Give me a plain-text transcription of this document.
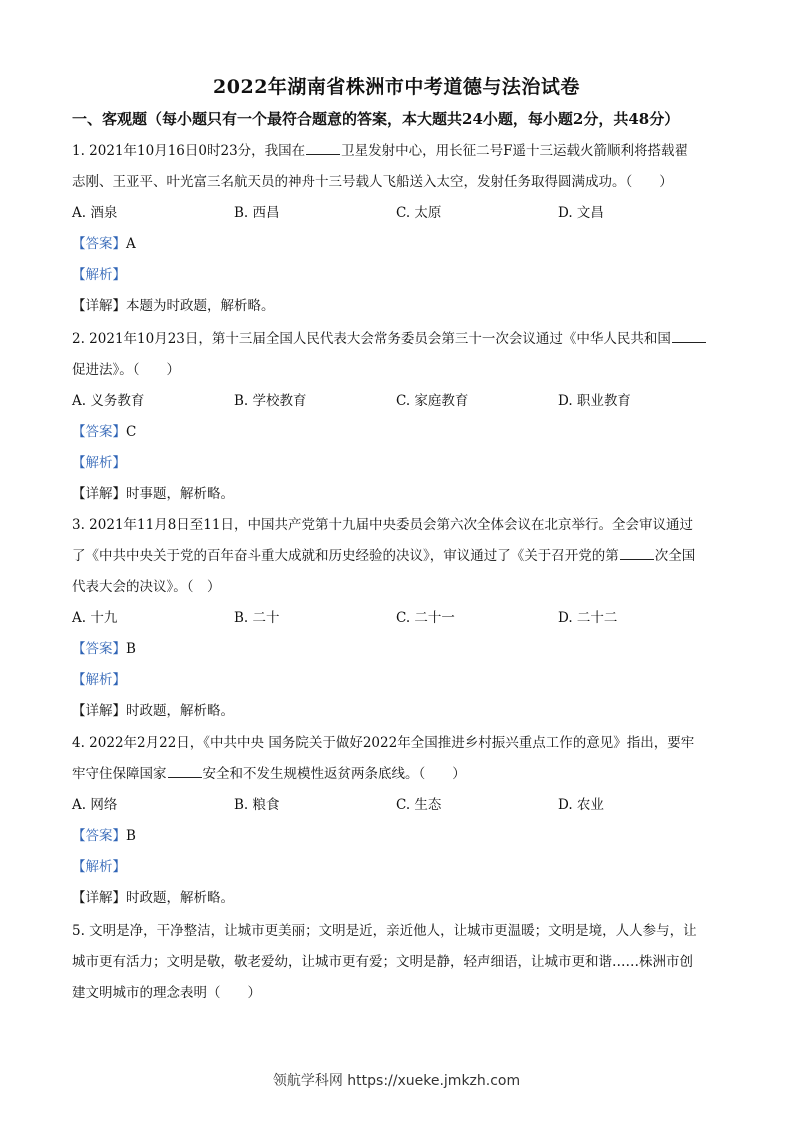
2022年湖南省株洲市中考道德与法治试卷
一、客观题（每小题只有一个最符合题意的答案，本大题共24小题，每小题2分，共48分）
1. 2021年10月16日0时23分，我国在	卫星发射中心，用长征二号F遥十三运载火箭顺利将搭载翟
志刚、王亚平、叶光富三名航天员的神舟十三号载人飞船送入太空，发射任务取得圆满成功。（　　）
A. 酒泉	B. 西昌	C. 太原	D. 文昌
【答案】A
【解析】
【详解】本题为时政题，解析略。
2. 2021年10月23日，第十三届全国人民代表大会常务委员会第三十一次会议通过《中华人民共和国
促进法》。（　　）
A. 义务教育	B. 学校教育	C. 家庭教育	D. 职业教育
【答案】C
【解析】
【详解】时事题，解析略。
3. 2021年11月8日至11日，中国共产党第十九届中央委员会第六次全体会议在北京举行。全会审议通过
了《中共中央关于党的百年奋斗重大成就和历史经验的决议》，审议通过了《关于召开党的第	次全国
代表大会的决议》。（　）
A. 十九	B. 二十	C. 二十一	D. 二十二
【答案】B
【解析】
【详解】时政题，解析略。
4. 2022年2月22日，《中共中央 国务院关于做好2022年全国推进乡村振兴重点工作的意见》指出，要牢
牢守住保障国家	安全和不发生规模性返贫两条底线。（　　）
A. 网络	B. 粮食	C. 生态	D. 农业
【答案】B
【解析】
【详解】时政题，解析略。
5. 文明是净，干净整洁，让城市更美丽；文明是近，亲近他人，让城市更温暖；文明是境，人人参与，让
城市更有活力；文明是敬，敬老爱幼，让城市更有爱；文明是静，轻声细语，让城市更和谐……株洲市创
建文明城市的理念表明（　　）
领航学科网 https://xueke.jmkzh.com
